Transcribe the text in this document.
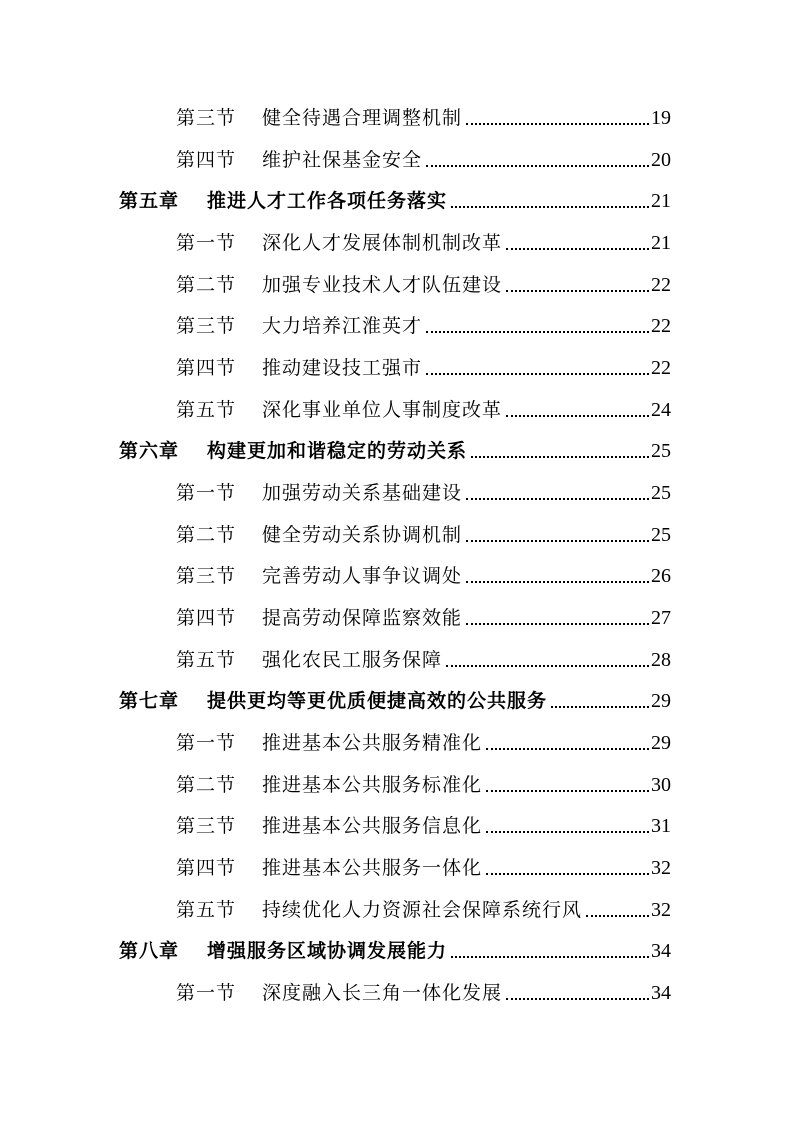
第三节	健全待遇合理调整机制	19
第四节	维护社保基金安全	20
第五章	推进人才工作各项任务落实	21
第一节	深化人才发展体制机制改革	21
第二节	加强专业技术人才队伍建设	22
第三节	大力培养江淮英才	22
第四节	推动建设技工强市	22
第五节	深化事业单位人事制度改革	24
第六章	构建更加和谐稳定的劳动关系	25
第一节	加强劳动关系基础建设	25
第二节	健全劳动关系协调机制	25
第三节	完善劳动人事争议调处	26
第四节	提高劳动保障监察效能	27
第五节	强化农民工服务保障	28
第七章	提供更均等更优质便捷高效的公共服务	29
第一节	推进基本公共服务精准化	29
第二节	推进基本公共服务标准化	30
第三节	推进基本公共服务信息化	31
第四节	推进基本公共服务一体化	32
第五节	持续优化人力资源社会保障系统行风	32
第八章	增强服务区域协调发展能力	34
第一节	深度融入长三角一体化发展	34
